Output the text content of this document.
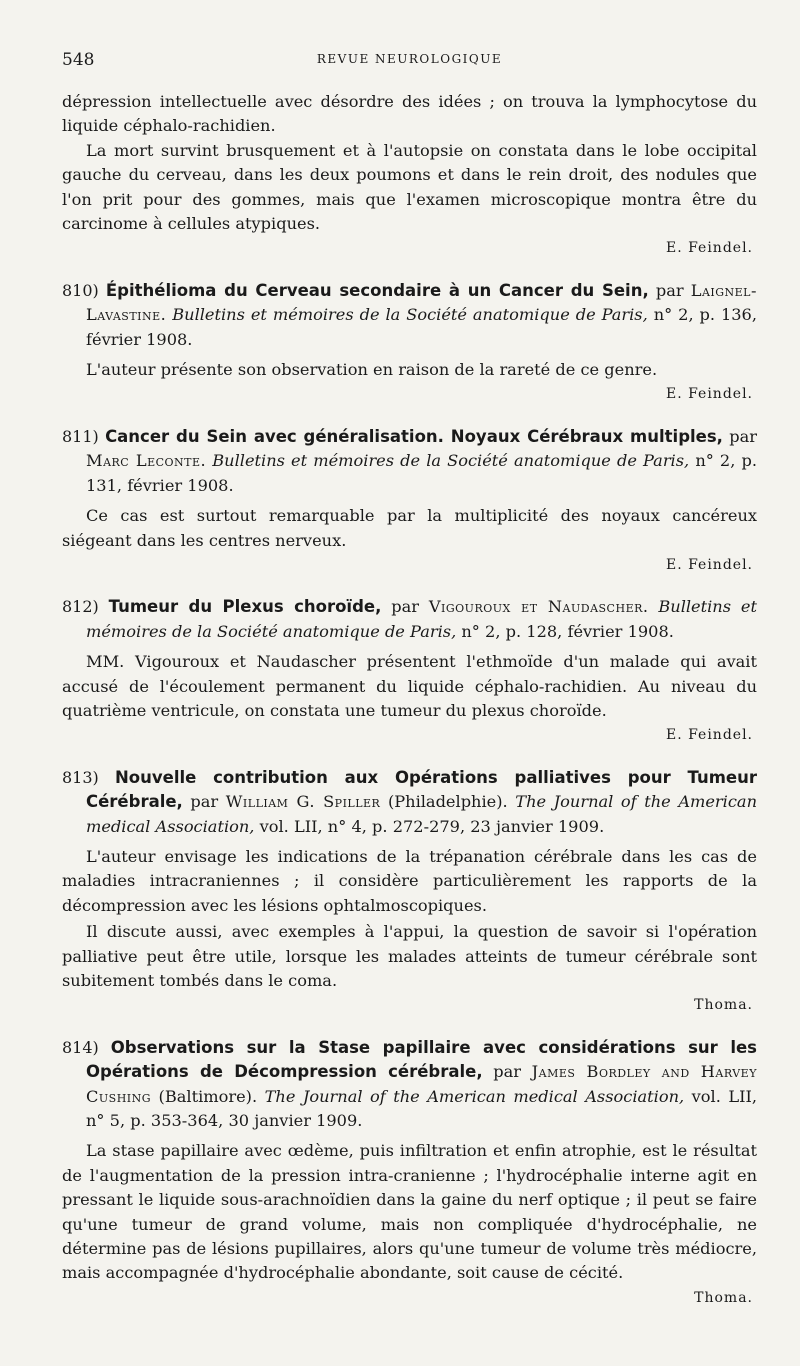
548	REVUE NEUROLOGIQUE

dépression intellectuelle avec désordre des idées ; on trouva la lymphocytose du liquide céphalo-rachidien.

La mort survint brusquement et à l'autopsie on constata dans le lobe occipital gauche du cerveau, dans les deux poumons et dans le rein droit, des nodules que l'on prit pour des gommes, mais que l'examen microscopique montra être du carcinome à cellules atypiques.

E. Feindel.

810) Épithélioma du Cerveau secondaire à un Cancer du Sein, par Laignel-Lavastine. Bulletins et mémoires de la Société anatomique de Paris, n° 2, p. 136, février 1908.

L'auteur présente son observation en raison de la rareté de ce genre.

E. Feindel.

811) Cancer du Sein avec généralisation. Noyaux Cérébraux multiples, par Marc Leconte. Bulletins et mémoires de la Société anatomique de Paris, n° 2, p. 131, février 1908.

Ce cas est surtout remarquable par la multiplicité des noyaux cancéreux siégeant dans les centres nerveux.

E. Feindel.

812) Tumeur du Plexus choroïde, par Vigouroux et Naudascher. Bulletins et mémoires de la Société anatomique de Paris, n° 2, p. 128, février 1908.

MM. Vigouroux et Naudascher présentent l'ethmoïde d'un malade qui avait accusé de l'écoulement permanent du liquide céphalo-rachidien. Au niveau du quatrième ventricule, on constata une tumeur du plexus choroïde.

E. Feindel.

813) Nouvelle contribution aux Opérations palliatives pour Tumeur Cérébrale, par William G. Spiller (Philadelphie). The Journal of the American medical Association, vol. LII, n° 4, p. 272-279, 23 janvier 1909.

L'auteur envisage les indications de la trépanation cérébrale dans les cas de maladies intracraniennes ; il considère particulièrement les rapports de la décompression avec les lésions ophtalmoscopiques.

Il discute aussi, avec exemples à l'appui, la question de savoir si l'opération palliative peut être utile, lorsque les malades atteints de tumeur cérébrale sont subitement tombés dans le coma.

Thoma.

814) Observations sur la Stase papillaire avec considérations sur les Opérations de Décompression cérébrale, par James Bordley and Harvey Cushing (Baltimore). The Journal of the American medical Association, vol. LII, n° 5, p. 353-364, 30 janvier 1909.

La stase papillaire avec œdème, puis infiltration et enfin atrophie, est le résultat de l'augmentation de la pression intra-cranienne ; l'hydrocéphalie interne agit en pressant le liquide sous-arachnoïdien dans la gaine du nerf optique ; il peut se faire qu'une tumeur de grand volume, mais non compliquée d'hydrocéphalie, ne détermine pas de lésions pupillaires, alors qu'une tumeur de volume très médiocre, mais accompagnée d'hydrocéphalie abondante, soit cause de cécité.

Thoma.
